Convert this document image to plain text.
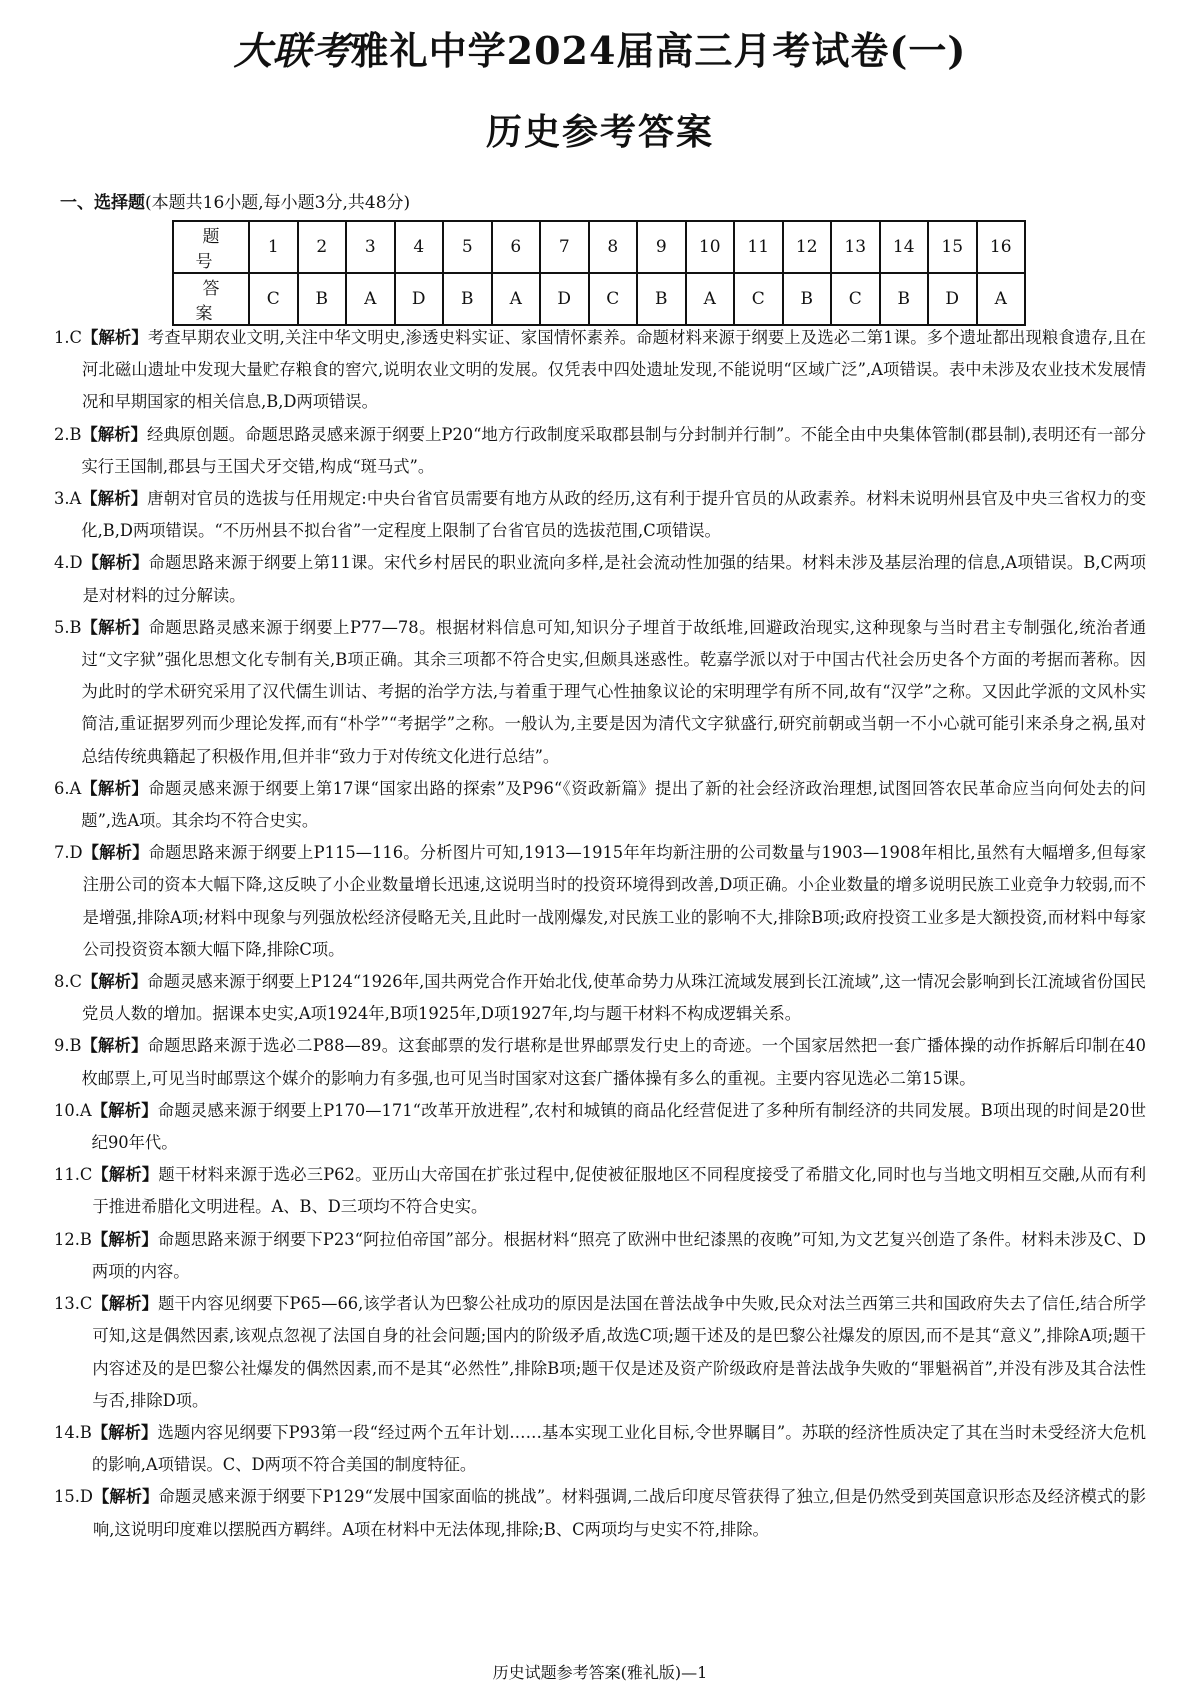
大联考雅礼中学2024届高三月考试卷(一)
历史参考答案
一、选择题(本题共16小题,每小题3分,共48分)
题号	1	2	3	4	5	6	7	8	9	10	11	12	13	14	15	16
答案	C	B	A	D	B	A	D	C	B	A	C	B	C	B	D	A
1.C 【解析】考查早期农业文明,关注中华文明史,渗透史料实证、家国情怀素养。命题材料来源于纲要上及选必二第1课。多个遗址都出现粮食遗存,且在河北磁山遗址中发现大量贮存粮食的窖穴,说明农业文明的发展。仅凭表中四处遗址发现,不能说明“区域广泛”,A项错误。表中未涉及农业技术发展情况和早期国家的相关信息,B,D两项错误。
2.B 【解析】经典原创题。命题思路灵感来源于纲要上P20“地方行政制度采取郡县制与分封制并行制”。不能全由中央集体管制(郡县制),表明还有一部分实行王国制,郡县与王国犬牙交错,构成“斑马式”。
3.A 【解析】唐朝对官员的选拔与任用规定:中央台省官员需要有地方从政的经历,这有利于提升官员的从政素养。材料未说明州县官及中央三省权力的变化,B,D两项错误。“不历州县不拟台省”一定程度上限制了台省官员的选拔范围,C项错误。
4.D 【解析】命题思路来源于纲要上第11课。宋代乡村居民的职业流向多样,是社会流动性加强的结果。材料未涉及基层治理的信息,A项错误。B,C两项是对材料的过分解读。
5.B 【解析】命题思路灵感来源于纲要上P77—78。根据材料信息可知,知识分子埋首于故纸堆,回避政治现实,这种现象与当时君主专制强化,统治者通过“文字狱”强化思想文化专制有关,B项正确。其余三项都不符合史实,但颇具迷惑性。乾嘉学派以对于中国古代社会历史各个方面的考据而著称。因为此时的学术研究采用了汉代儒生训诂、考据的治学方法,与着重于理气心性抽象议论的宋明理学有所不同,故有“汉学”之称。又因此学派的文风朴实简洁,重证据罗列而少理论发挥,而有“朴学”“考据学”之称。一般认为,主要是因为清代文字狱盛行,研究前朝或当朝一不小心就可能引来杀身之祸,虽对总结传统典籍起了积极作用,但并非“致力于对传统文化进行总结”。
6.A 【解析】命题灵感来源于纲要上第17课“国家出路的探索”及P96“《资政新篇》提出了新的社会经济政治理想,试图回答农民革命应当向何处去的问题”,选A项。其余均不符合史实。
7.D 【解析】命题思路来源于纲要上P115—116。分析图片可知,1913—1915年年均新注册的公司数量与1903—1908年相比,虽然有大幅增多,但每家注册公司的资本大幅下降,这反映了小企业数量增长迅速,这说明当时的投资环境得到改善,D项正确。小企业数量的增多说明民族工业竞争力较弱,而不是增强,排除A项;材料中现象与列强放松经济侵略无关,且此时一战刚爆发,对民族工业的影响不大,排除B项;政府投资工业多是大额投资,而材料中每家公司投资资本额大幅下降,排除C项。
8.C 【解析】命题灵感来源于纲要上P124“1926年,国共两党合作开始北伐,使革命势力从珠江流域发展到长江流域”,这一情况会影响到长江流域省份国民党员人数的增加。据课本史实,A项1924年,B项1925年,D项1927年,均与题干材料不构成逻辑关系。
9.B 【解析】命题思路来源于选必二P88—89。这套邮票的发行堪称是世界邮票发行史上的奇迹。一个国家居然把一套广播体操的动作拆解后印制在40枚邮票上,可见当时邮票这个媒介的影响力有多强,也可见当时国家对这套广播体操有多么的重视。主要内容见选必二第15课。
10.A 【解析】命题灵感来源于纲要上P170—171“改革开放进程”,农村和城镇的商品化经营促进了多种所有制经济的共同发展。B项出现的时间是20世纪90年代。
11.C 【解析】题干材料来源于选必三P62。亚历山大帝国在扩张过程中,促使被征服地区不同程度接受了希腊文化,同时也与当地文明相互交融,从而有利于推进希腊化文明进程。A、B、D三项均不符合史实。
12.B 【解析】命题思路来源于纲要下P23“阿拉伯帝国”部分。根据材料“照亮了欧洲中世纪漆黑的夜晚”可知,为文艺复兴创造了条件。材料未涉及C、D两项的内容。
13.C 【解析】题干内容见纲要下P65—66,该学者认为巴黎公社成功的原因是法国在普法战争中失败,民众对法兰西第三共和国政府失去了信任,结合所学可知,这是偶然因素,该观点忽视了法国自身的社会问题;国内的阶级矛盾,故选C项;题干述及的是巴黎公社爆发的原因,而不是其“意义”,排除A项;题干内容述及的是巴黎公社爆发的偶然因素,而不是其“必然性”,排除B项;题干仅是述及资产阶级政府是普法战争失败的“罪魁祸首”,并没有涉及其合法性与否,排除D项。
14.B 【解析】选题内容见纲要下P93第一段“经过两个五年计划……基本实现工业化目标,令世界瞩目”。苏联的经济性质决定了其在当时未受经济大危机的影响,A项错误。C、D两项不符合美国的制度特征。
15.D 【解析】命题灵感来源于纲要下P129“发展中国家面临的挑战”。材料强调,二战后印度尽管获得了独立,但是仍然受到英国意识形态及经济模式的影响,这说明印度难以摆脱西方羁绊。A项在材料中无法体现,排除;B、C两项均与史实不符,排除。
历史试题参考答案(雅礼版)—1
